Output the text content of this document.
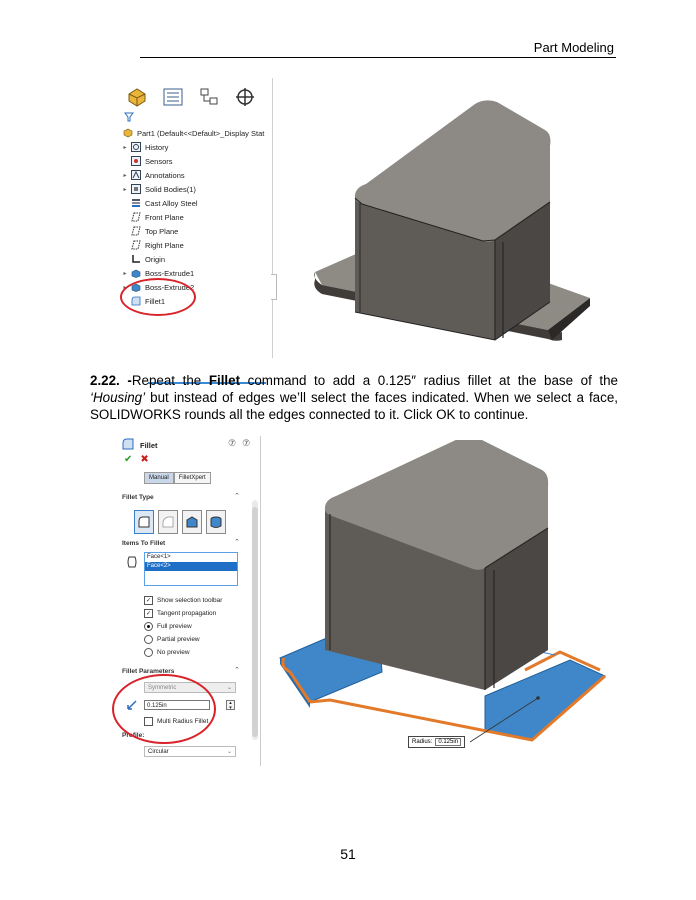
Part Modeling
Part1 (Default<<Default>_Display Stat
▸	History
Sensors
▸	Annotations
▸	Solid Bodies(1)
Cast Alloy Steel
Front Plane
Top Plane
Right Plane
Origin
▸	Boss-Extrude1
▸	Boss-Extrude2
Fillet1
2.22. -Repeat the Fillet command to add a 0.125″ radius fillet at the base of the ‘Housing’ but instead of edges we’ll select the faces indicated. When we select a face, SOLIDWORKS rounds all the edges connected to it. Click OK to continue.
Fillet	⑦ ⑦
✔ ✖
Manual	FilletXpert
Fillet Type	⌃
Items To Fillet	⌃
Face<1>
Face<2>
✓ Show selection toolbar
✓ Tangent propagation
Full preview
Partial preview
No preview
Fillet Parameters	⌃
Symmetric	⌄
0.125in	▴
▾
Multi Radius Fillet
Profile:
Circular	⌄
Radius:	0.125in
51
